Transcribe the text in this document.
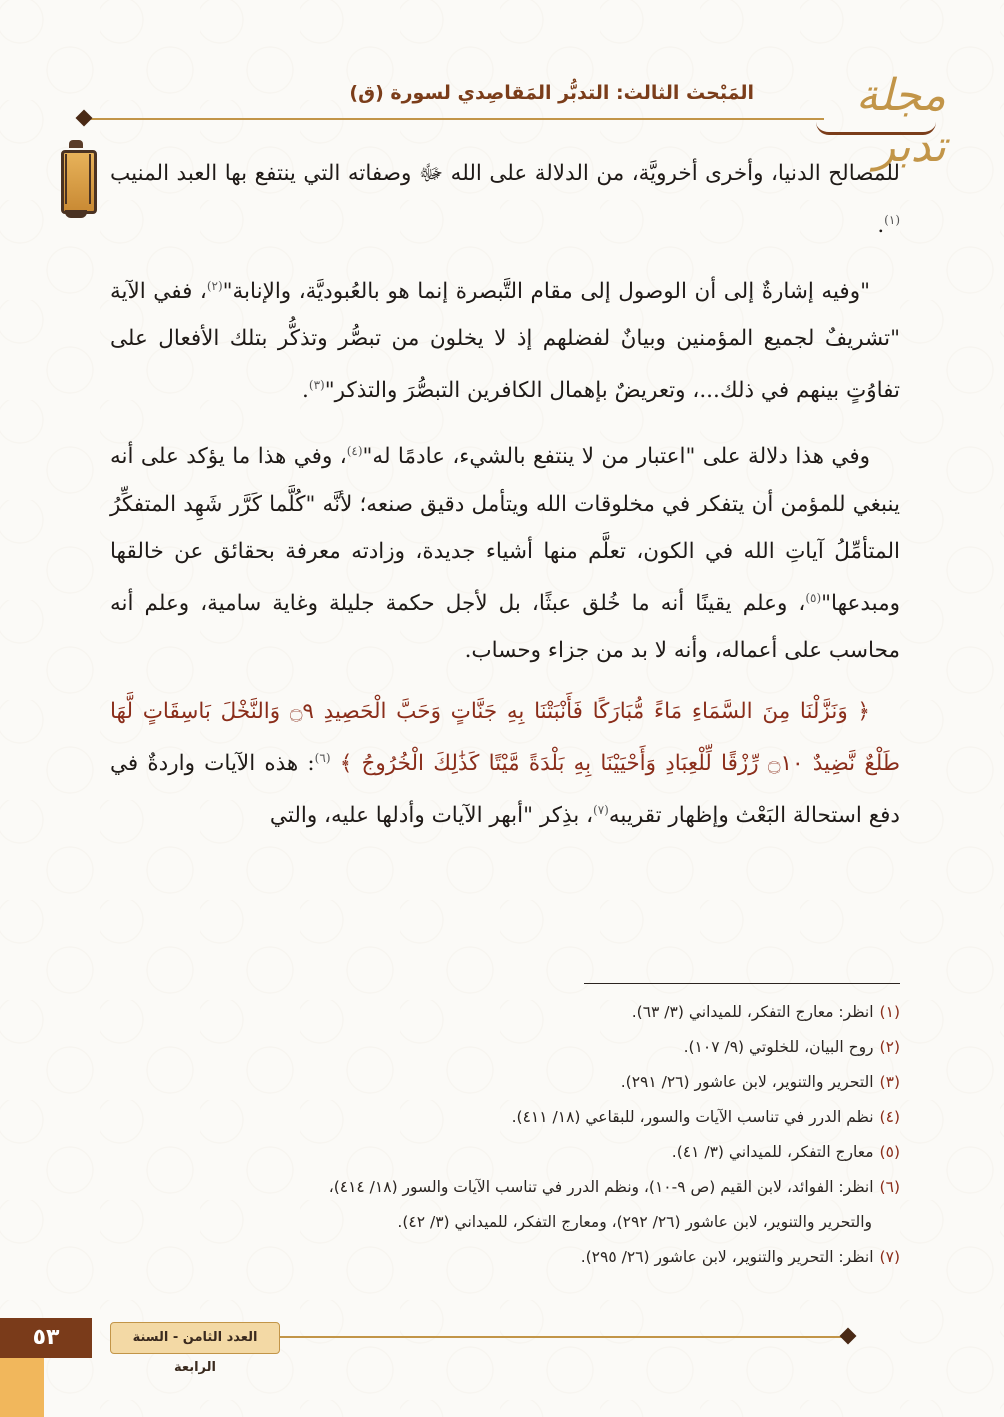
المَبْحث الثالث: التدبُّر المَقاصِدي لسورة (ق)	مجلة تدبر

للمصالح الدنيا، وأخرى أخرويَّة، من الدلالة على الله ﷻ وصفاته التي ينتفع بها العبد المنيب $^{(١)}$.

"وفيه إشارةٌ إلى أن الوصول إلى مقام التَّبصرة إنما هو بالعُبوديَّة، والإنابة"$^{(٢)}$، ففي الآية "تشريفٌ لجميع المؤمنين وبيانٌ لفضلهم إذ لا يخلون من تبصُّر وتذكُّر بتلك الأفعال على تفاوُتٍ بينهم في ذلك...، وتعريضٌ بإهمال الكافرين التبصُّرَ والتذكر"$^{(٣)}$.

وفي هذا دلالة على "اعتبار من لا ينتفع بالشيء، عادمًا له"$^{(٤)}$، وفي هذا ما يؤكد على أنه ينبغي للمؤمن أن يتفكر في مخلوقات الله ويتأمل دقيق صنعه؛ لأنَّه "كُلَّما كَرَّر شَهِد المتفكِّرُ المتأمِّلُ آياتِ الله في الكون، تعلَّم منها أشياء جديدة، وزادته معرفة بحقائق عن خالقها ومبدعها"$^{(٥)}$، وعلم يقينًا أنه ما خُلق عبثًا، بل لأجل حكمة جليلة وغاية سامية، وعلم أنه محاسب على أعماله، وأنه لا بد من جزاء وحساب.

﴿ وَنَزَّلْنَا مِنَ السَّمَاءِ مَاءً مُّبَارَكًا فَأَنْبَتْنَا بِهِ جَنَّاتٍ وَحَبَّ الْحَصِيدِ ۝٩ وَالنَّخْلَ بَاسِقَاتٍ لَّهَا طَلْعٌ نَّضِيدٌ ۝١٠ رِّزْقًا لِّلْعِبَادِ وَأَحْيَيْنَا بِهِ بَلْدَةً مَّيْتًا كَذَٰلِكَ الْخُرُوجُ ﴾ $^{(٦)}$: هذه الآيات واردةٌ في دفع استحالة البَعْث وإظهار تقريبه$^{(٧)}$، بذِكر "أبهر الآيات وأدلها عليه، والتي

(١)انظر: معارج التفكر، للميداني (٣/ ٦٣).

(٢)روح البيان، للخلوتي (٩/ ١٠٧).

(٣)التحرير والتنوير، لابن عاشور (٢٦/ ٢٩١).

(٤)نظم الدرر في تناسب الآيات والسور، للبقاعي (١٨/ ٤١١).

(٥)معارج التفكر، للميداني (٣/ ٤١).

(٦)انظر: الفوائد، لابن القيم (ص ٩-١٠)، ونظم الدرر في تناسب الآيات والسور (١٨/ ٤١٤)،

والتحرير والتنوير، لابن عاشور (٢٦/ ٢٩٢)، ومعارج التفكر، للميداني (٣/ ٤٢).

(٧)انظر: التحرير والتنوير، لابن عاشور (٢٦/ ٢٩٥).

العدد الثامن - السنة الرابعة
٥٣
